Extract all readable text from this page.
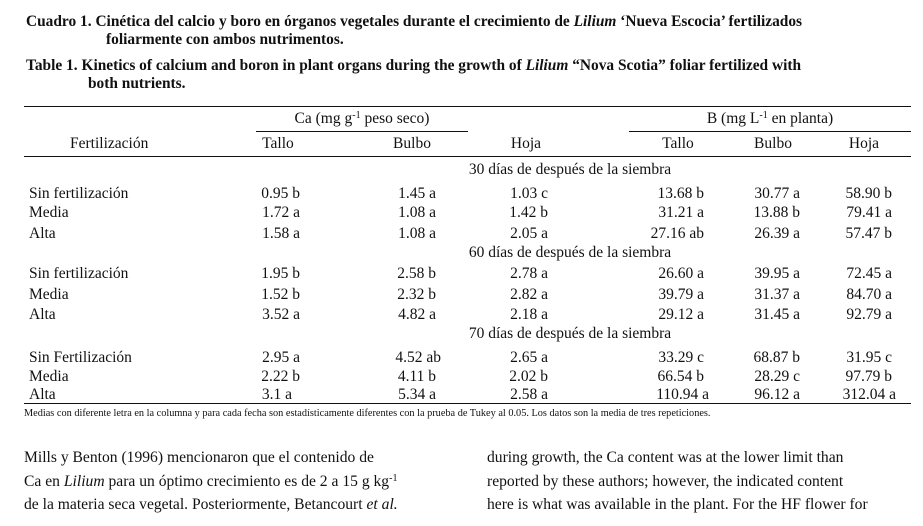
Cuadro 1. Cinética del calcio y boro en órganos vegetales durante el crecimiento de Lilium ‘Nueva Escocia’ fertilizados
foliarmente con ambos nutrimentos.
Table 1. Kinetics of calcium and boron in plant organs during the growth of Lilium “Nova Scotia” foliar fertilized with
both nutrients.
Ca (mg $g^{-1}$ peso seco)	B (mg $L^{-1}$ en planta)
Fertilización	Tallo	Bulbo	Hoja	Tallo	Bulbo	Hoja
30 días de después de la siembra
Sin fertilización	0.95 b	1.45 a	1.03 c	13.68 b	30.77 a	58.90 b
Media	1.72 a	1.08 a	1.42 b	31.21 a	13.88 b	79.41 a
Alta	1.58 a	1.08 a	2.05 a	27.16 ab	26.39 a	57.47 b
60 días de después de la siembra
Sin fertilización	1.95 b	2.58 b	2.78 a	26.60 a	39.95 a	72.45 a
Media	1.52 b	2.32 b	2.82 a	39.79 a	31.37 a	84.70 a
Alta	3.52 a	4.82 a	2.18 a	29.12 a	31.45 a	92.79 a
70 días de después de la siembra
Sin Fertilización	2.95 a	4.52 ab	2.65 a	33.29 c	68.87 b	31.95 c
Media	2.22 b	4.11 b	2.02 b	66.54 b	28.29 c	97.79 b
Alta	3.1 a	5.34 a	2.58 a	110.94 a	96.12 a	312.04 a
Medias con diferente letra en la columna y para cada fecha son estadísticamente diferentes con la prueba de Tukey al 0.05. Los datos son la media de tres repeticiones.

Mills y Benton (1996) mencionaron que el contenido de

Ca en Lilium para un óptimo crecimiento es de 2 a 15 g $kg^{-1}$

de la materia seca vegetal. Posteriormente, Betancourt et al.

during growth, the Ca content was at the lower limit than

reported by these authors; however, the indicated content

here is what was available in the plant. For the HF flower for
